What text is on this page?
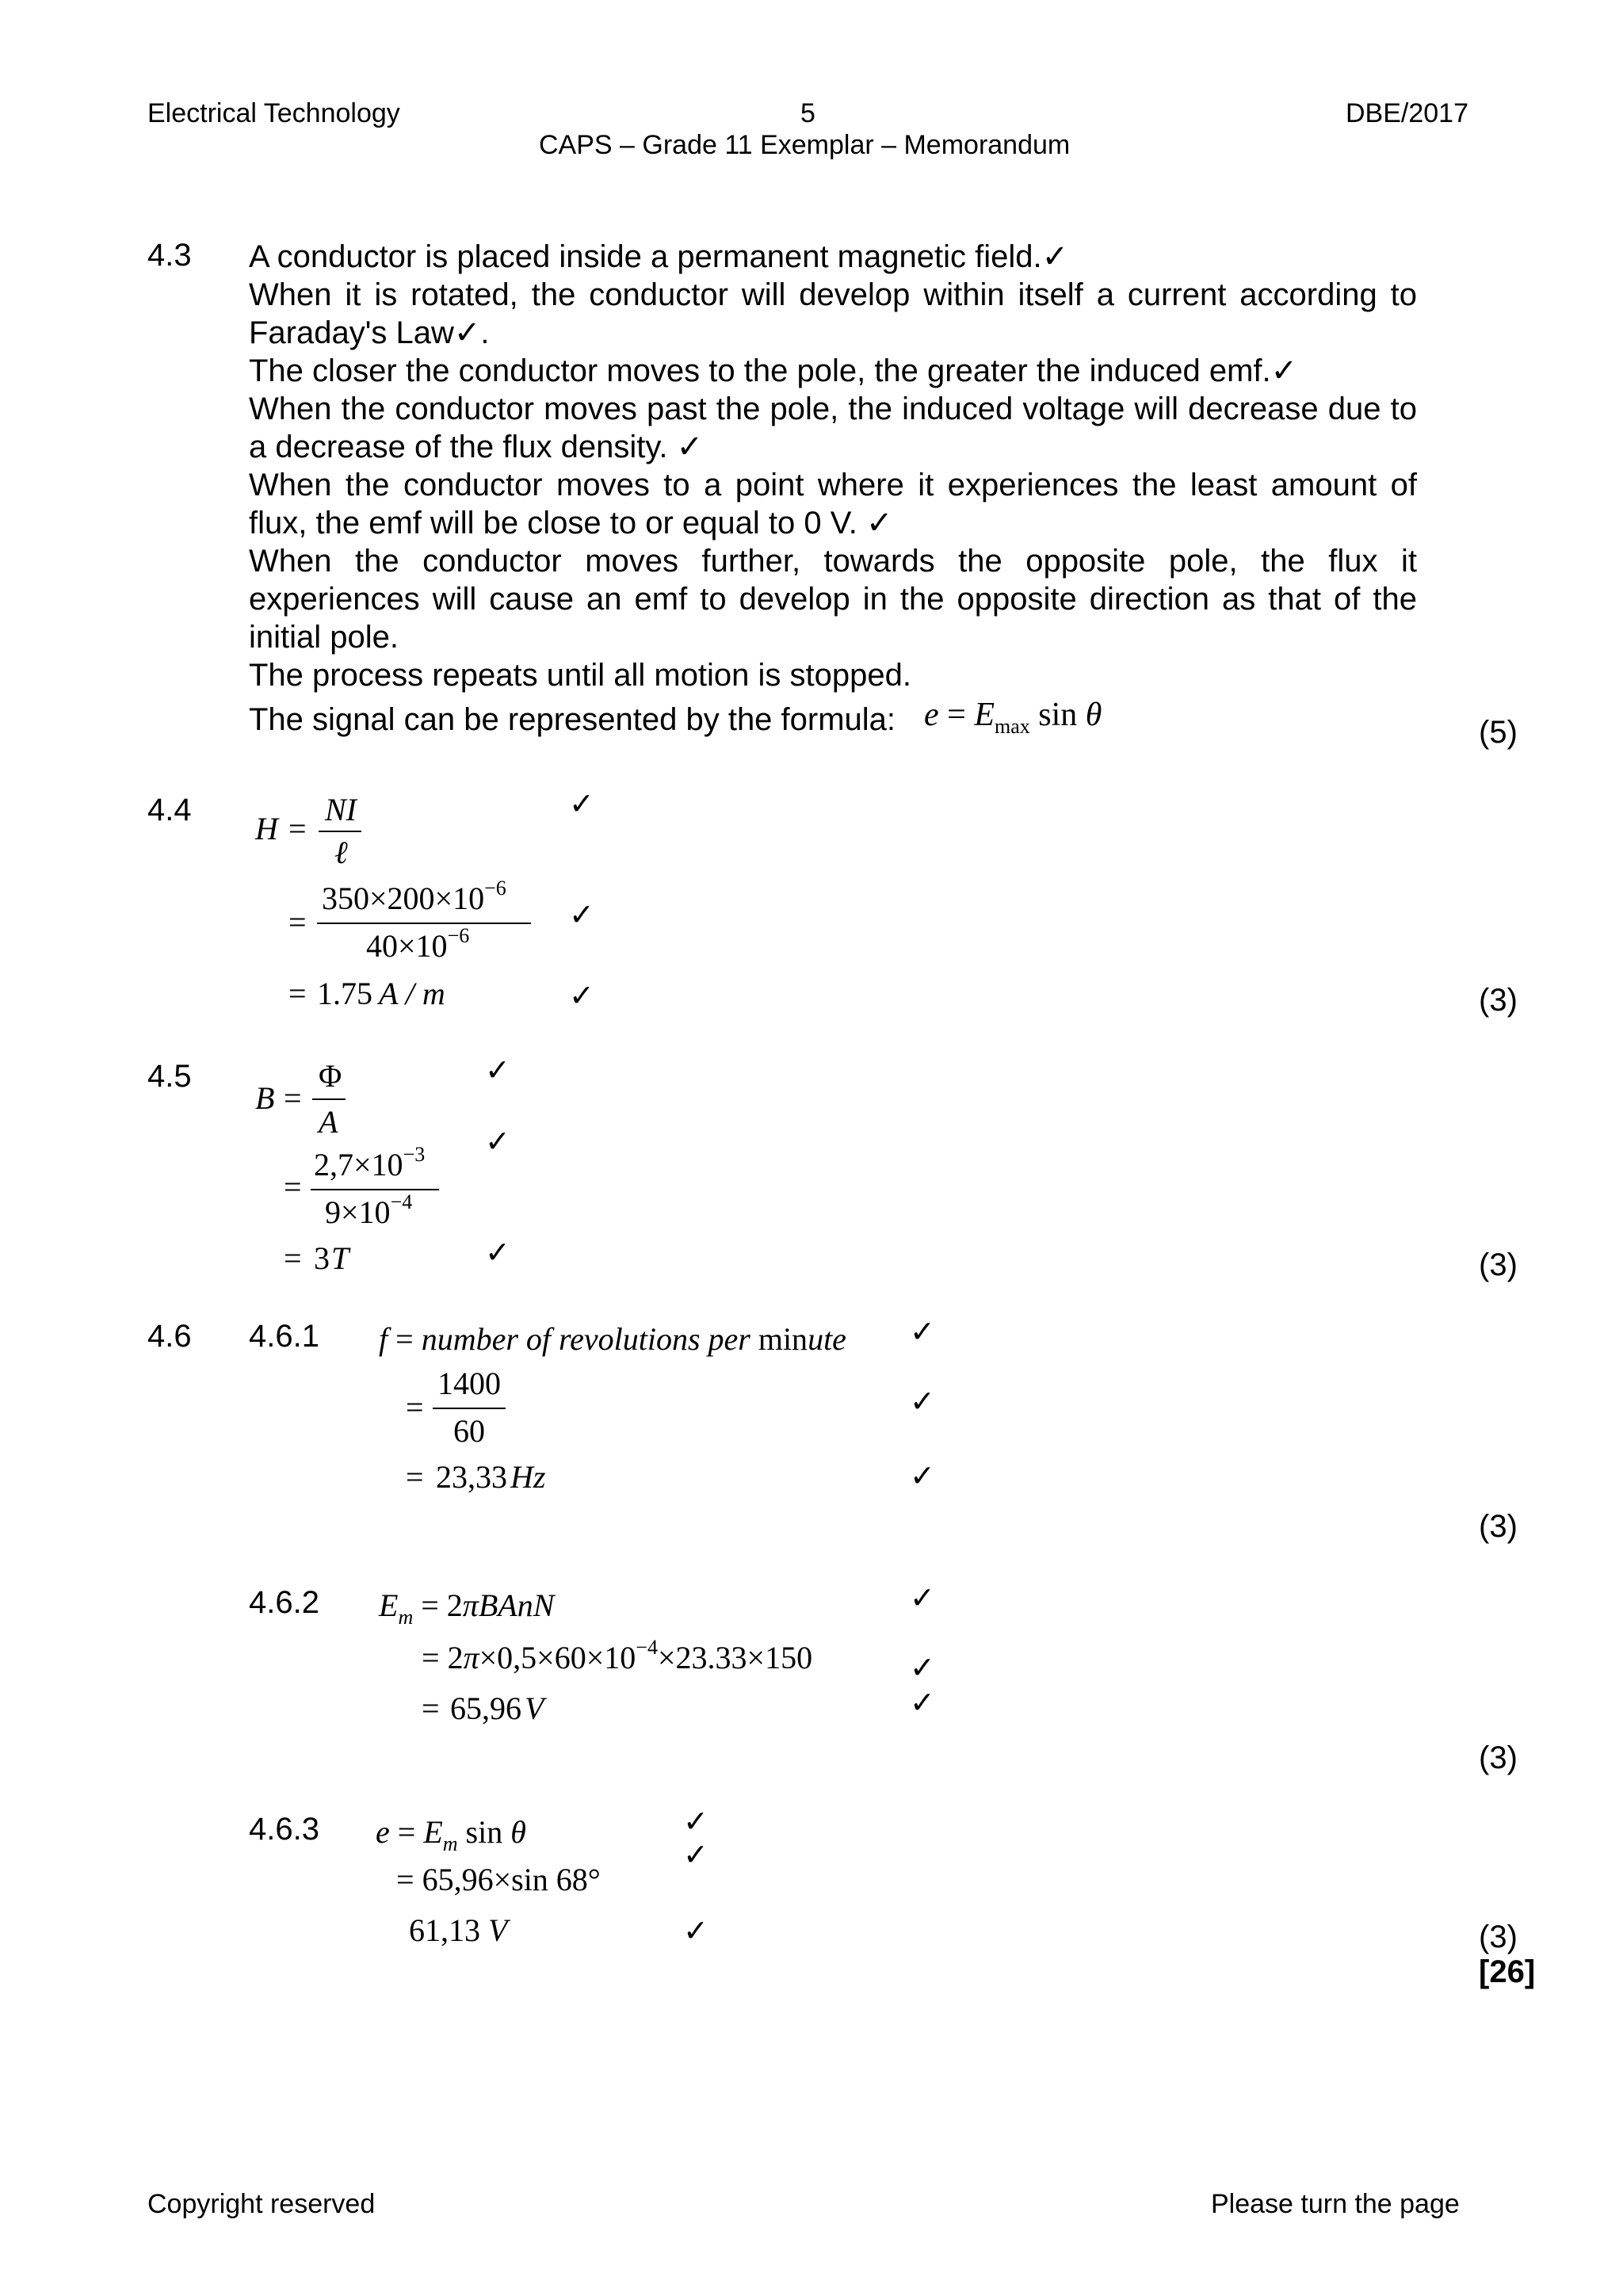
Electrical Technology	5	DBE/2017
CAPS – Grade 11 Exemplar – Memorandum
4.3 A conductor is placed inside a permanent magnetic field.✓
When it is rotated, the conductor will develop within itself a current according to Faraday's Law✓.
The closer the conductor moves to the pole, the greater the induced emf.✓
When the conductor moves past the pole, the induced voltage will decrease due to a decrease of the flux density. ✓
When the conductor moves to a point where it experiences the least amount of flux, the emf will be close to or equal to 0 V. ✓
When the conductor moves further, towards the opposite pole, the flux it experiences will cause an emf to develop in the opposite direction as that of the initial pole.
The process repeats until all motion is stopped.
The signal can be represented by the formula: $e = E_{max}$ sin θ	(5)
4.4
H =
NI
ℓ
✓
=
$350\times 200\times 10^{-6}$
$40\times 10^{-6}$
✓
= 1.75 A / m	✓	(3)
4.5
B =
Φ
A
✓
=
$2,7\times 10^{-3}$
$9\times 10^{-4}$
✓
= 3 T	✓	(3)
4.6 4.6.1 f = number of revolutions per minute ✓
=
1400
60
✓
= 23,33 Hz	✓
(3)
4.6.2 $E_m$ = 2πBAnN	✓
= $2\pi\times 0,5\times 60\times 10^{-4}\times 23.33\times 150$	✓
= 65,96 V	✓
(3)
4.6.3 $e = E_m$ sin θ	✓
✓
= 65,96×sin 68°
61,13 V	✓	(3)
[26]
Copyright reserved	Please turn the page
